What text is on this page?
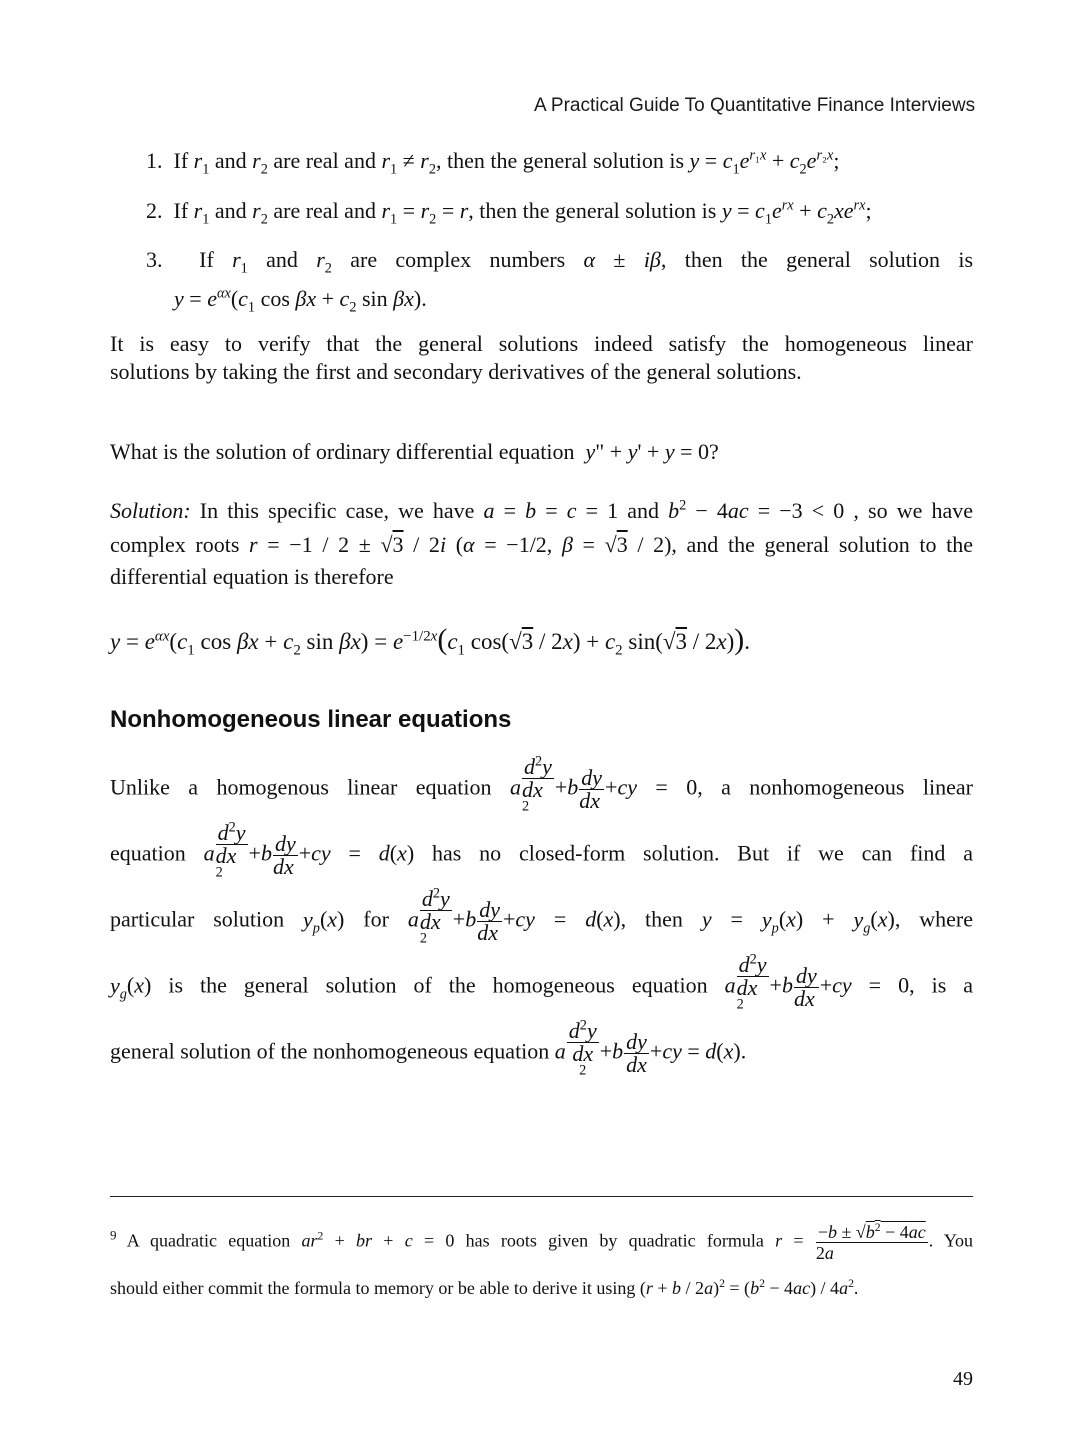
A Practical Guide To Quantitative Finance Interviews
1.  If $r_1$ and $r_2$ are real and $r_1 \ne r_2$, then the general solution is $y = c_1e^{r_1x} + c_2e^{r_2x}$;
2.  If $r_1$ and $r_2$ are real and $r_1 = r_2 = r$, then the general solution is $y = c_1e^{rx} + c_2xe^{rx}$;
3.  If $r_1$ and $r_2$ are complex numbers α ± iβ, then the general solution is
$y = e^{\alpha x}(c_1$ $\cos \beta x + c_2$ sin βx).
It is easy to verify that the general solutions indeed satisfy the homogeneous linear
solutions by taking the first and secondary derivatives of the general solutions.
What is the solution of ordinary differential equation y" + y' + y = 0?
Solution: In this specific case, we have a = b = c = 1 and $b^2 - 4ac = -3 < 0$ , so we have
complex roots r = −1 / 2 ± √3 / 2i (α = −1/2, β = √3 / 2), and the general solution to the
differential equation is therefore
$y = e^{\alpha x}(c_1$ $\cos \beta x + c_2$ $\sin \beta x) = e^{-1/2x}(c_1$ $\cos(√3 / 2x) + c_2$ sin(√3 / 2x)).
Nonhomogeneous linear equations
Unlike a homogenous linear equation a
$d^2y$
dx
$^2+b \frac{dy}{dx} +cy = 0$, a nonhomogeneous linear
equation a
$d^2y$
dx
$^2+b \frac{dy}{dx} +cy = d(x)$ has no closed-form solution. But if we can find a
particular solution $y_p(x)$ for a
$d^2y$
dx
$^2+b \frac{dy}{dx} +cy = d(x)$, then $y = y_p(x) + y_g(x)$, where
$y_g(x)$ is the general solution of the homogeneous equation a
$d^2y$
dx
$^2+b \frac{dy}{dx} +cy = 0$, is a
general solution of the nonhomogeneous equation a
$d^2y$
dx
$^2+b \frac{dy}{dx} +cy = d(x)$.
$^9$ A quadratic equation $ar^2$ + br + c = 0 has roots given by quadratic formula $r = \frac{-b \pm √b^2 - 4ac}{2a}$ . You
should either commit the formula to memory or be able to derive it using $(r + b / 2a)^2 = (b^2 - 4ac) / 4a^2$.
49
